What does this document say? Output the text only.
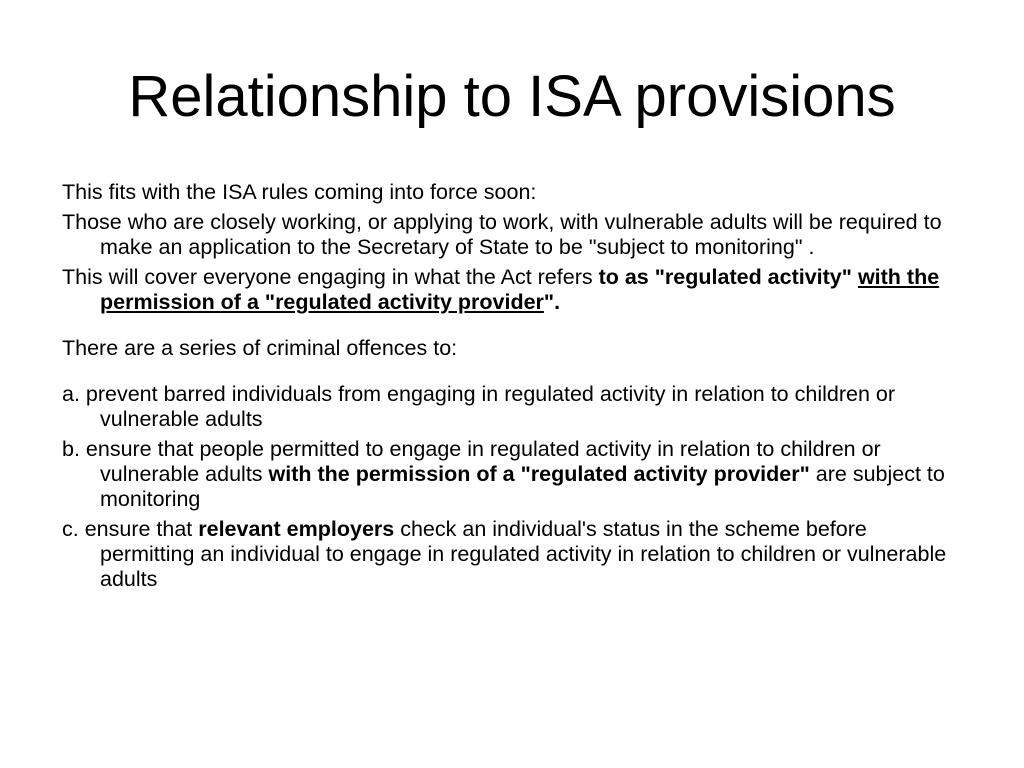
Relationship to ISA provisions

This fits with the ISA rules coming into force soon:

Those who are closely working, or applying to work, with vulnerable adults will be required to make an application to the Secretary of State to be "subject to monitoring" .

This will cover everyone engaging in what the Act refers to as "regulated activity" with the permission of a "regulated activity provider".

There are a series of criminal offences to:

a. prevent barred individuals from engaging in regulated activity in relation to children or vulnerable adults

b. ensure that people permitted to engage in regulated activity in relation to children or vulnerable adults with the permission of a "regulated activity provider" are subject to monitoring

c. ensure that relevant employers check an individual's status in the scheme before permitting an individual to engage in regulated activity in relation to children or vulnerable adults
